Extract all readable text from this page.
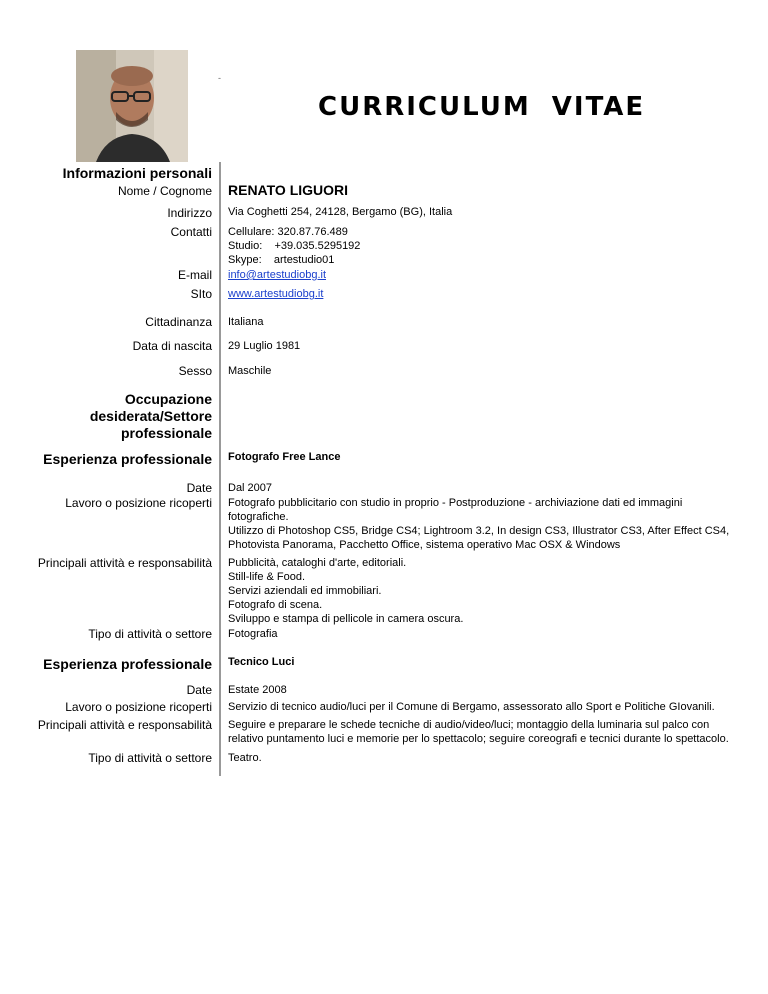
-
CURRICULUM VITAE
Informazioni personali
Nome / Cognome RENATO LIGUORI
Indirizzo Via Coghetti 254, 24128, Bergamo (BG), Italia
Contatti Cellulare: 320.87.76.489
Studio:    +39.035.5295192
Skype:    artestudio01
E-mail info@artestudiobg.it
SIto www.artestudiobg.it
Cittadinanza Italiana
Data di nascita 29 Luglio 1981
Sesso Maschile
Occupazione
desiderata/Settore
professionale
Esperienza professionale Fotografo Free Lance
Date Dal 2007
Lavoro o posizione ricoperti Fotografo pubblicitario con studio in proprio - Postproduzione - archiviazione dati ed immagini
fotografiche.
Utilizzo di Photoshop CS5, Bridge CS4; Lightroom 3.2, In design CS3, Illustrator CS3, After Effect CS4,
Photovista Panorama, Pacchetto Office, sistema operativo Mac OSX & Windows
Principali attività e responsabilità Pubblicità, cataloghi d'arte, editoriali.
Still-life & Food.
Servizi aziendali ed immobiliari.
Fotografo di scena.
Sviluppo e stampa di pellicole in camera oscura.
Tipo di attività o settore Fotografia
Esperienza professionale Tecnico Luci
Date Estate 2008
Lavoro o posizione ricoperti Servizio di tecnico audio/luci per il Comune di Bergamo, assessorato allo Sport e Politiche GIovanili.
Principali attività e responsabilità Seguire e preparare le schede tecniche di audio/video/luci; montaggio della luminaria sul palco con
relativo puntamento luci e memorie per lo spettacolo; seguire coreografi e tecnici durante lo spettacolo.
Tipo di attività o settore Teatro.
